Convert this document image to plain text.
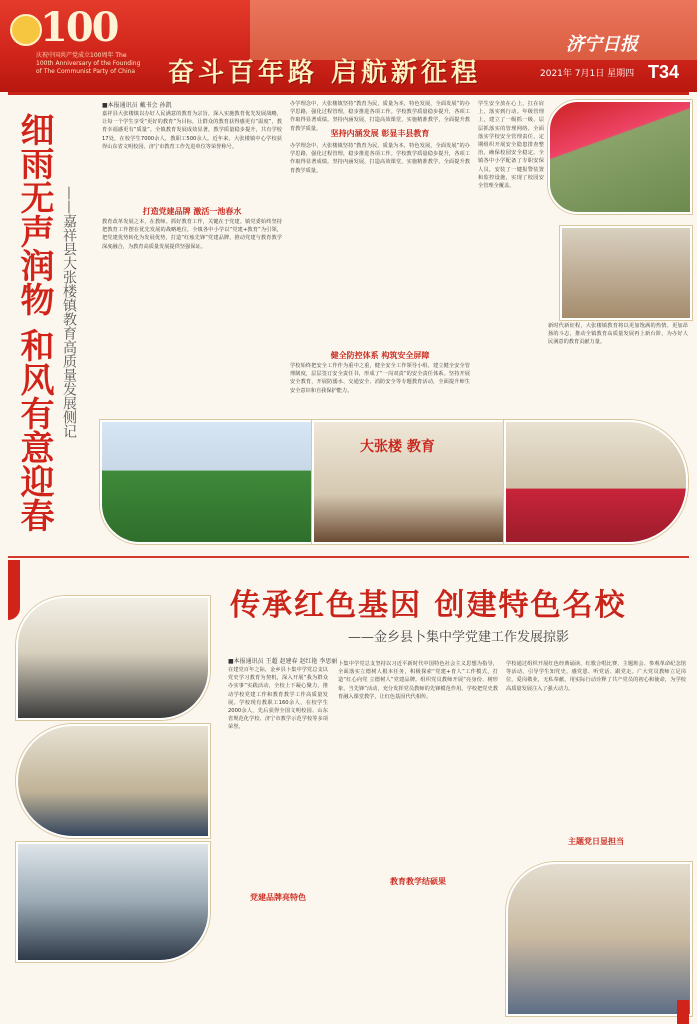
100
庆祝中国共产党成立100周年 The 100th Anniversary of the Founding of The Communist Party of China	奋斗百年路 启航新征程
济宁日报
2021年 7月1日 星期四 T34
细雨无声润物 和风有意迎春 ——嘉祥县大张楼镇教育高质量发展侧记
■本报通讯员 戴书会 孙凯
嘉祥县大张楼镇以办好人民满意的教育为宗旨，深入实施教育优先发展战略，让每一个学生享受“更好的教育”为目标，让群众的教育获得感更有“温度”，教育幸福感更有“质量”。全镇教育发展成效显著，教学质量稳步提升，共有学校17处，在校学生7000余人，教职工500余人。近年来，大张楼镇中心学校获得山东省文明校园、济宁市教育工作先进单位等荣誉称号。
打造党建品牌 激活一池春水
教育改革发展之本，在教师。抓好教育工作，关键在于党建。镇党委始终坚持把教育工作摆在优先发展的战略地位，全镇各中小学以“党建+教育”为引领，把党建优势转化为发展优势，打造“红烛先锋”党建品牌，推动党建与教育教学深度融合，为教育高质量发展提供坚强保证。
办学理念中，大张楼镇坚持“教育为民，质量为本，特色发展，全面发展”的办学思路，强化过程管理，稳步推进各项工作。学校教学质量稳步提升，各项工作取得显著成绩。坚持内涵发展，打造高效课堂，实施精准教学，全面提升教育教学质量。
坚持内涵发展 彰显丰县教育
办学理念中，大张楼镇坚持“教育为民，质量为本，特色发展，全面发展”的办学思路，强化过程管理，稳步推进各项工作。学校教学质量稳步提升，各项工作取得显著成绩。坚持内涵发展，打造高效课堂，实施精准教学，全面提升教育教学质量。
健全防控体系 构筑安全屏障
学校始终把安全工作作为重中之重，健全安全工作领导小组，建立健全安全管理制度，层层签订安全责任书，形成了“一岗双责”的安全责任体系。坚持开展安全教育，开展防溺水、交通安全、消防安全等专题教育活动，全面提升师生安全意识和自我保护能力。
学生安全放在心上，扛在肩上，落实到行动。年级管理上，建立了一级抓一级、层层抓落实的管理网络。全面落实学校安全管理责任，定期组织开展安全隐患排查整治，确保校园安全稳定。全镇各中小学配备了专职安保人员，安装了一键报警装置和监控设施，实现了校园安全管理全覆盖。
新时代新征程，大张楼镇教育将以更加饱满的热情、更加昂扬的斗志，推动全镇教育高质量发展再上新台阶，为办好人民满意的教育贡献力量。
大张楼 教育
传承红色基因 创建特色名校
——金乡县卜集中学党建工作发展掠影
■本报通讯员 王超 赵建春 赵红艳 李思丽
在建党百年之际，金乡县卜集中学党总支以党史学习教育为契机，深入开展“我为群众办实事”实践活动，全校上下凝心聚力，推动学校党建工作和教育教学工作高质量发展。学校现有教职工160余人，在校学生2000余人，先后获得全国文明校园、山东省规范化学校、济宁市教学示范学校等多项荣誉。
党建品牌亮特色
卜集中学党总支坚持以习近平新时代中国特色社会主义思想为指导，全面落实立德树人根本任务，积极探索“党建+育人”工作模式，打造“红心向党 立德树人”党建品牌。组织党员教师开展“亮身份、树形象、当先锋”活动，充分发挥党员教师的先锋模范作用。学校把党史教育融入课堂教学，让红色基因代代相传。
教育教学结硕果
学校通过组织开展红色经典诵读、红歌合唱比赛、主题班会、参观革命纪念馆等活动，引导学生知党史、感党恩、听党话、跟党走。广大党员教师立足岗位，爱岗敬业，无私奉献，用实际行动诠释了共产党员的初心和使命，为学校高质量发展注入了强大动力。
主题党日显担当
